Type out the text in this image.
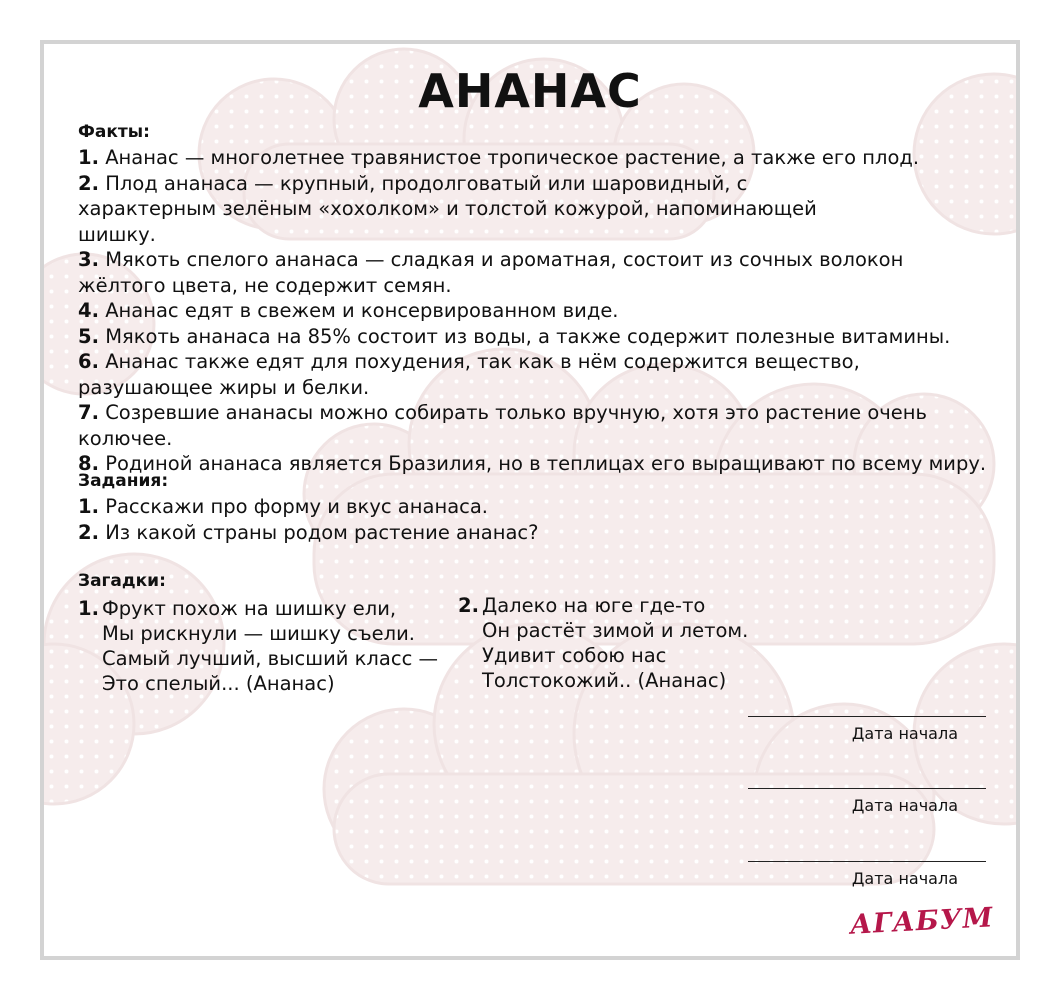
АНАНАС
Факты:
1. Ананас — многолетнее травянистое тропическое растение, а также его плод.
2. Плод ананаса — крупный, продолговатый или шаровидный, с характерным зелёным «хохолком» и толстой кожурой, напоминающей шишку.
3. Мякоть спелого ананаса — сладкая и ароматная, состоит из сочных волокон жёлтого цвета, не содержит семян.
4. Ананас едят в свежем и консервированном виде.
5. Мякоть ананаса на 85% состоит из воды, а также содержит полезные витамины.
6. Ананас также едят для похудения, так как в нём содержится вещество, разушающее жиры и белки.
7. Созревшие ананасы можно собирать только вручную, хотя это растение очень колючее.
8. Родиной ананаса является Бразилия, но в теплицах его выращивают по всему миру.
Задания:
1. Расскажи про форму и вкус ананаса.
2. Из какой страны родом растение ананас?
Загадки:
1. Фрукт похож на шишку ели,
Мы рискнули — шишку съели.
Самый лучший, высший класс —
Это спелый... (Ананас)
2. Далеко на юге где-то
Он растёт зимой и летом.
Удивит собою нас
Толстокожий.. (Ананас)
Дата начала
Дата начала
Дата начала
АГАБУМ
